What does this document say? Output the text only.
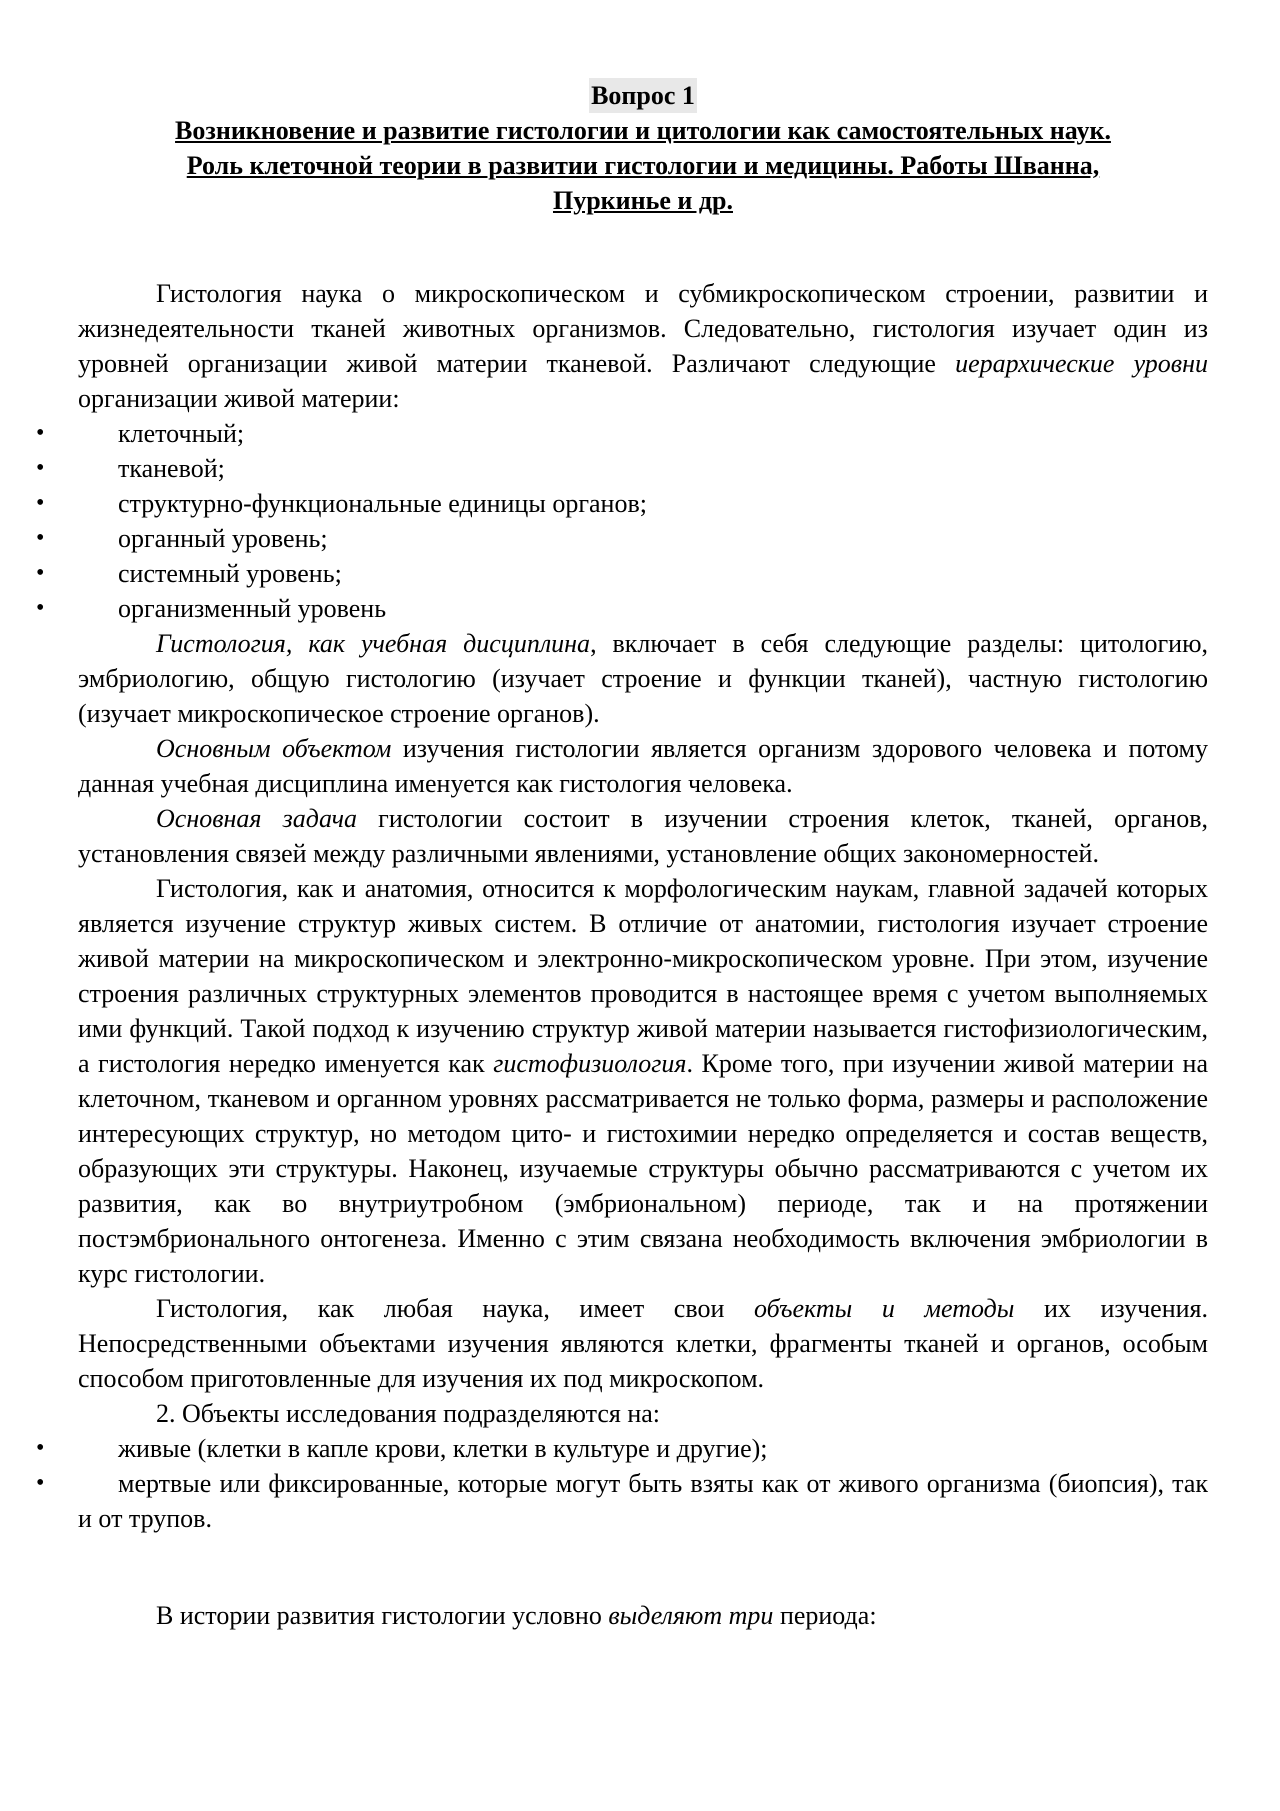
Вопрос 1
Возникновение и развитие гистологии и цитологии как самостоятельных наук.
Роль клеточной теории в развитии гистологии и медицины. Работы Шванна,
Пуркинье и др.

Гистология наука о микроскопическом и субмикроскопическом строении, развитии и жизнедеятельности тканей животных организмов. Следовательно, гистология изучает один из уровней организации живой материи тканевой. Различают следующие иерархические уровни организации живой материи:

•	клеточный;

•	тканевой;

•	структурно-функциональные единицы органов;

•	органный уровень;

•	системный уровень;

•	организменный уровень

Гистология, как учебная дисциплина, включает в себя следующие разделы: цитологию, эмбриологию, общую гистологию (изучает строение и функции тканей), частную гистологию (изучает микроскопическое строение органов).

Основным объектом изучения гистологии является организм здорового человека и потому данная учебная дисциплина именуется как гистология человека.

Основная задача гистологии состоит в изучении строения клеток, тканей, органов, установления связей между различными явлениями, установление общих закономерностей.

Гистология, как и анатомия, относится к морфологическим наукам, главной задачей которых является изучение структур живых систем. В отличие от анатомии, гистология изучает строение живой материи на микроскопическом и электронно-микроскопическом уровне. При этом, изучение строения различных структурных элементов проводится в настоящее время с учетом выполняемых ими функций. Такой подход к изучению структур живой материи называется гистофизиологическим, а гистология нередко именуется как гистофизиология. Кроме того, при изучении живой материи на клеточном, тканевом и органном уровнях рассматривается не только форма, размеры и расположение интересующих структур, но методом цито- и гистохимии нередко определяется и состав веществ, образующих эти структуры. Наконец, изучаемые структуры обычно рассматриваются с учетом их развития, как во внутриутробном (эмбриональном) периоде, так и на протяжении постэмбрионального онтогенеза. Именно с этим связана необходимость включения эмбриологии в курс гистологии.

Гистология, как любая наука, имеет свои объекты и методы их изучения. Непосредственными объектами изучения являются клетки, фрагменты тканей и органов, особым способом приготовленные для изучения их под микроскопом.

2. Объекты исследования подразделяются на:

•	живые (клетки в капле крови, клетки в культуре и другие);

•	мертвые или фиксированные, которые могут быть взяты как от живого организма (биопсия), так и от трупов.

В истории развития гистологии условно выделяют три периода:
